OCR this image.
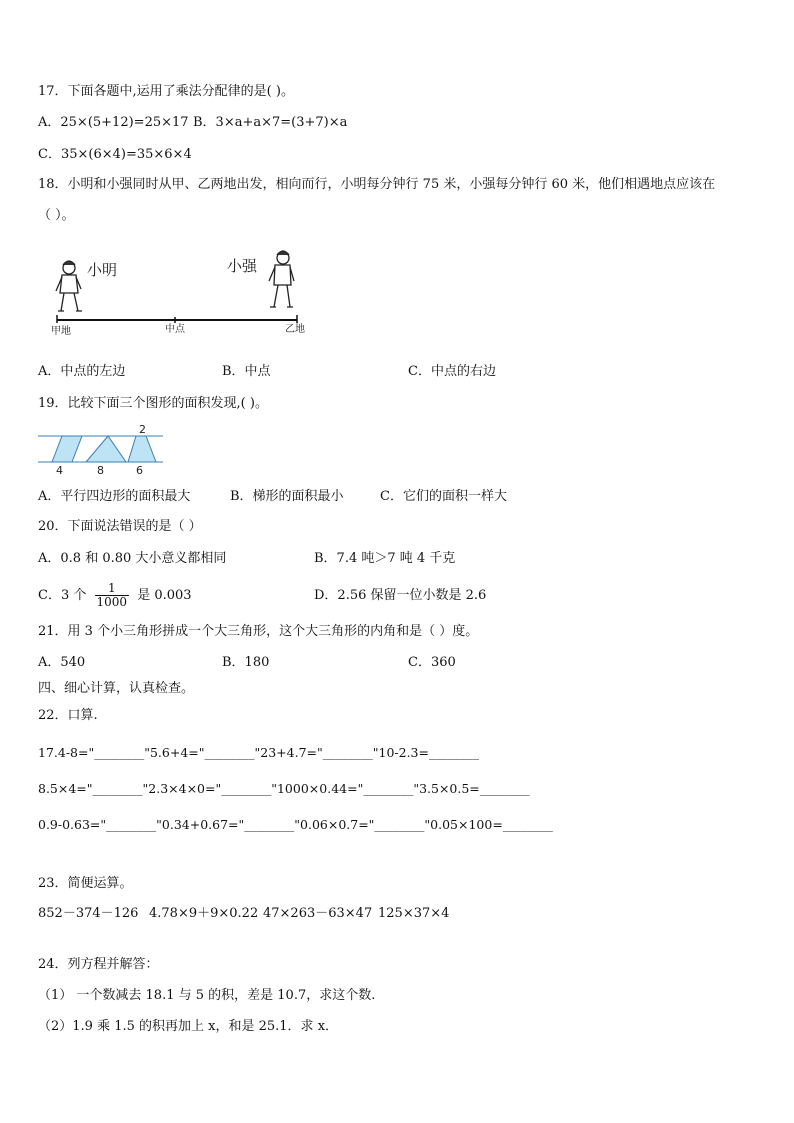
17．下面各题中,运用了乘法分配律的是( )。
A．25×(5+12)=25×17 B．3×a+a×7=(3+7)×a
C．35×(6×4)=35×6×4
18．小明和小强同时从甲、乙两地出发，相向而行，小明每分钟行 75 米，小强每分钟行 60 米，他们相遇地点应该在
（ ）。
小明	小强
甲地	中点	乙地
A．中点的左边	B．中点	C．中点的右边
19．比较下面三个图形的面积发现,( )。
2
4	8	6
A．平行四边形的面积最大	B．梯形的面积最小	C．它们的面积一样大
20．下面说法错误的是（ ）
A．0.8 和 0.80 大小意义都相同	B．7.4 吨＞7 吨 4 千克
C．3 个 $\frac{1}{1000}$ 是 0.003	D．2.56 保留一位小数是 2.6
21．用 3 个小三角形拼成一个大三角形，这个大三角形的内角和是（ ）度。
A．540	B．180	C．360
四、细心计算，认真检查。
22．口算.
17.4-8="________"5.6+4="________"23+4.7="________"10-2.3=________
8.5×4="________"2.3×4×0="________"1000×0.44="________"3.5×0.5=________
0.9-0.63="________"0.34+0.67="________"0.06×0.7="________"0.05×100=________
23．简便运算。
852－374－126 4.78×9＋9×0.22 47×263－63×47 125×37×4
24．列方程并解答：
（1） 一个数减去 18.1 与 5 的积，差是 10.7，求这个数.
（2）1.9 乘 1.5 的积再加上 x，和是 25.1．求 x．
